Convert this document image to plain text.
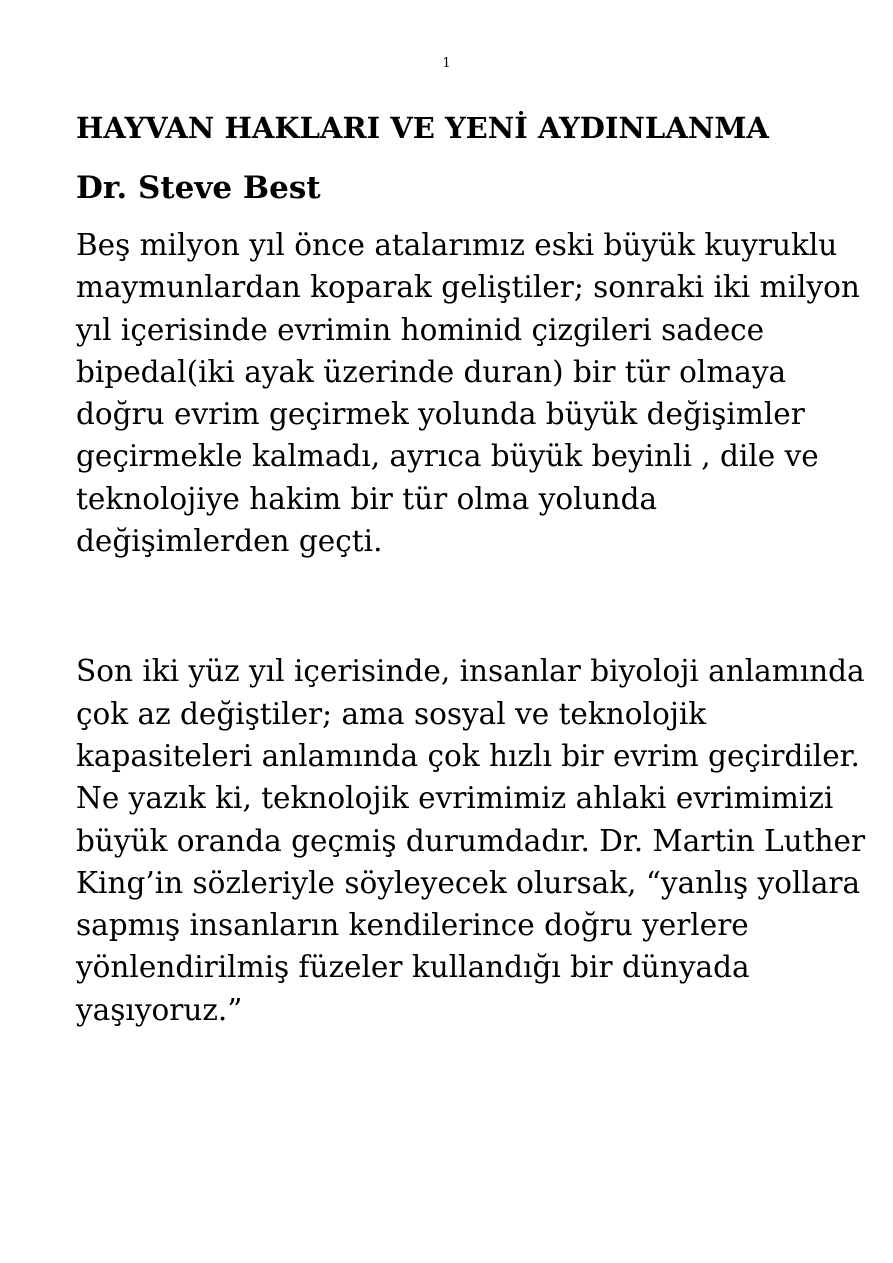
1
HAYVAN HAKLARI VE YENİ AYDINLANMA
Dr. Steve Best

Beş milyon yıl önce atalarımız eski büyük kuyruklu maymunlardan koparak geliştiler; sonraki iki milyon yıl içerisinde evrimin hominid çizgileri sadece bipedal(iki ayak üzerinde duran) bir tür olmaya doğru evrim geçirmek yolunda büyük değişimler geçirmekle kalmadı, ayrıca büyük beyinli , dile ve teknolojiye hakim bir tür olma yolunda değişimlerden geçti.

Son iki yüz yıl içerisinde, insanlar biyoloji anlamında çok az değiştiler; ama sosyal ve teknolojik kapasiteleri anlamında çok hızlı bir evrim geçirdiler. Ne yazık ki, teknolojik evrimimiz ahlaki evrimimizi büyük oranda geçmiş durumdadır. Dr. Martin Luther King’in sözleriyle söyleyecek olursak, “yanlış yollara sapmış insanların kendilerince doğru yerlere yönlendirilmiş füzeler kullandığı bir dünyada yaşıyoruz.”
